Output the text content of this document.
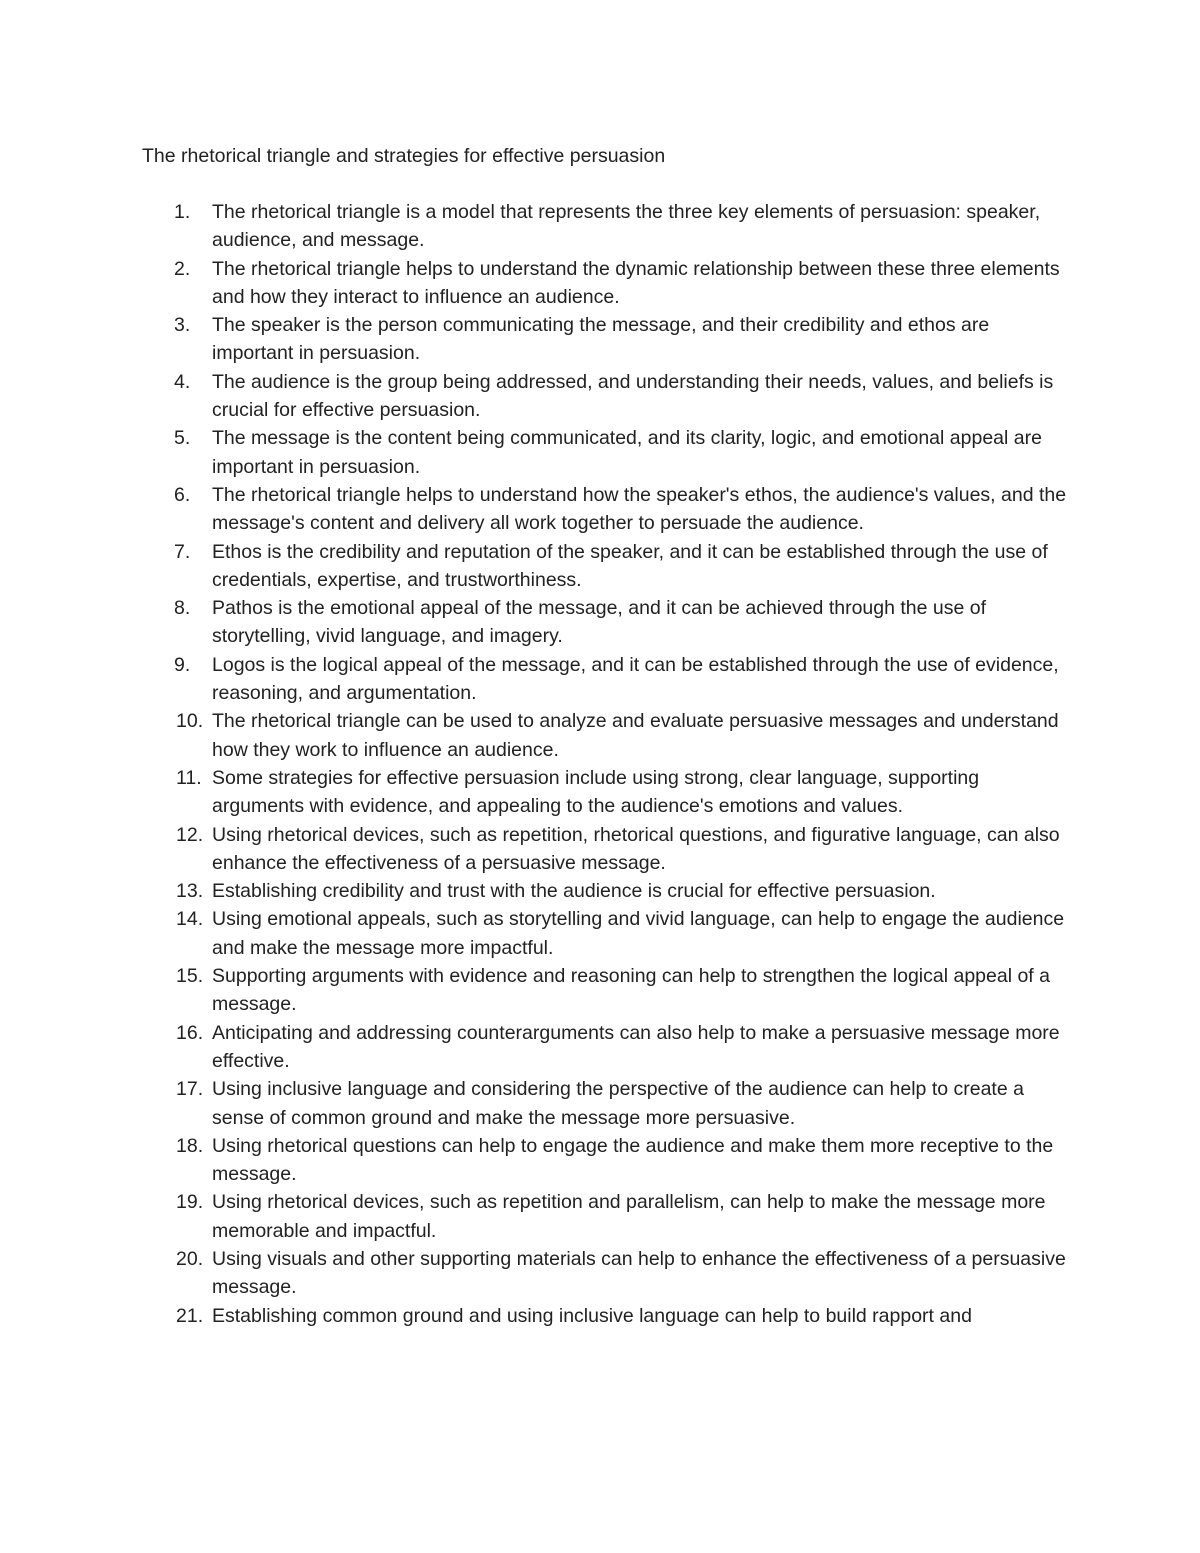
The rhetorical triangle and strategies for effective persuasion
1. The rhetorical triangle is a model that represents the three key elements of persuasion: speaker, audience, and message.
2. The rhetorical triangle helps to understand the dynamic relationship between these three elements and how they interact to influence an audience.
3. The speaker is the person communicating the message, and their credibility and ethos are important in persuasion.
4. The audience is the group being addressed, and understanding their needs, values, and beliefs is crucial for effective persuasion.
5. The message is the content being communicated, and its clarity, logic, and emotional appeal are important in persuasion.
6. The rhetorical triangle helps to understand how the speaker's ethos, the audience's values, and the message's content and delivery all work together to persuade the audience.
7. Ethos is the credibility and reputation of the speaker, and it can be established through the use of credentials, expertise, and trustworthiness.
8. Pathos is the emotional appeal of the message, and it can be achieved through the use of storytelling, vivid language, and imagery.
9. Logos is the logical appeal of the message, and it can be established through the use of evidence, reasoning, and argumentation.
10. The rhetorical triangle can be used to analyze and evaluate persuasive messages and understand how they work to influence an audience.
11. Some strategies for effective persuasion include using strong, clear language, supporting arguments with evidence, and appealing to the audience's emotions and values.
12. Using rhetorical devices, such as repetition, rhetorical questions, and figurative language, can also enhance the effectiveness of a persuasive message.
13. Establishing credibility and trust with the audience is crucial for effective persuasion.
14. Using emotional appeals, such as storytelling and vivid language, can help to engage the audience and make the message more impactful.
15. Supporting arguments with evidence and reasoning can help to strengthen the logical appeal of a message.
16. Anticipating and addressing counterarguments can also help to make a persuasive message more effective.
17. Using inclusive language and considering the perspective of the audience can help to create a sense of common ground and make the message more persuasive.
18. Using rhetorical questions can help to engage the audience and make them more receptive to the message.
19. Using rhetorical devices, such as repetition and parallelism, can help to make the message more memorable and impactful.
20. Using visuals and other supporting materials can help to enhance the effectiveness of a persuasive message.
21. Establishing common ground and using inclusive language can help to build rapport and
